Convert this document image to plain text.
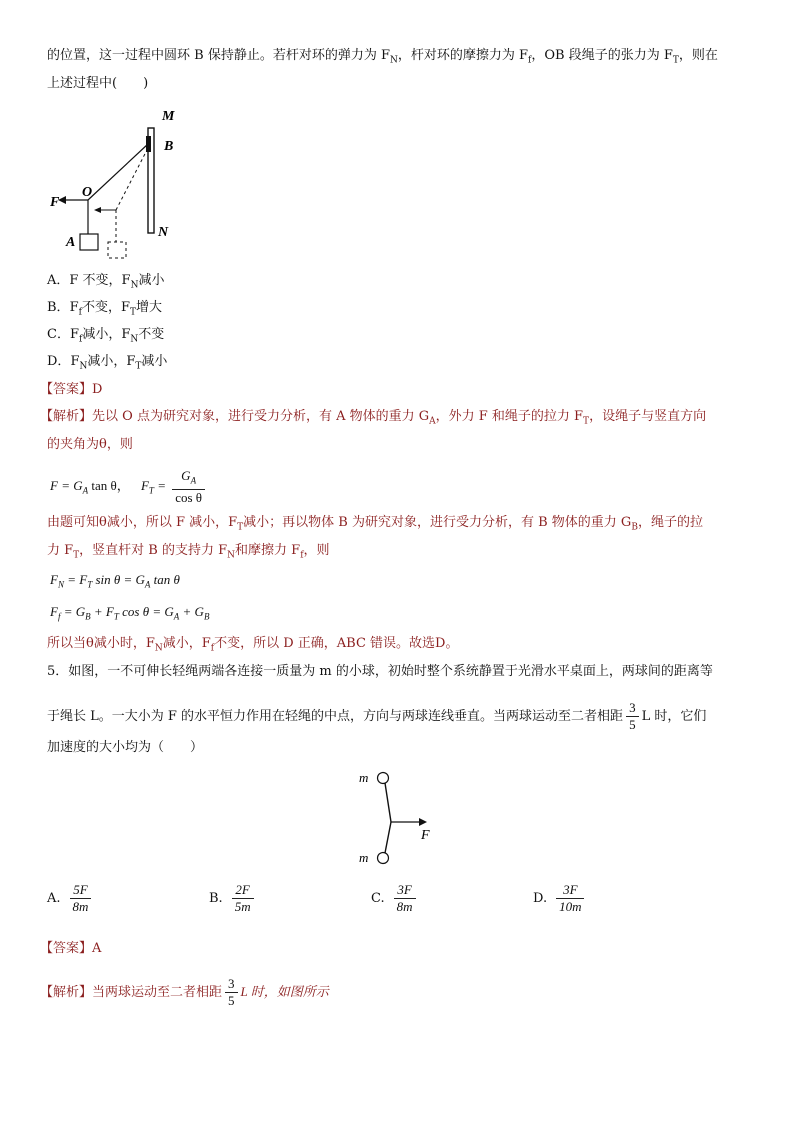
的位置，这一过程中圆环 B 保持静止。若杆对环的弹力为 $F_N$，杆对环的摩擦力为 $F_f$，OB 段绳子的张力为 $F_T$，则在
上述过程中(　　)
M
B
O
F
A
N
A．F 不变，$F_N$减小
B．$F_f$不变，$F_T$增大
C．$F_f$减小，$F_N$不变
D．$F_N$减小，$F_T$减小
【答案】D
【解析】先以 O 点为研究对象，进行受力分析，有 A 物体的重力 $G_A$，外力 F 和绳子的拉力 $F_T$，设绳子与竖直方向
的夹角为θ，则
$F = G_A$ tan θ， $F_T = \frac{G_A}{\text{cos θ}}$
由题可知θ减小，所以 F 减小，$F_T$减小；再以物体 B 为研究对象，进行受力分析，有 B 物体的重力 $G_B$，绳子的拉
力 $F_T$，竖直杆对 B 的支持力 $F_N$和摩擦力 $F_f$，则
$F_N = F_T$ $\sin \theta = G_A$ tan θ
$F_f = G_B + F_T$ $\cos \theta = G_A + G_B$
所以当θ减小时，$F_N$减小，$F_f$不变，所以 D 正确，ABC 错误。故选D。
5．如图，一不可伸长轻绳两端各连接一质量为 m 的小球，初始时整个系统静置于光滑水平桌面上，两球间的距离等
于绳长 L。一大小为 F 的水平恒力作用在轻绳的中点，方向与两球连线垂直。当两球运动至二者相距 $\frac{3}{5}$ L 时，它们
加速度的大小均为（　　）
m
m
F
A. $\frac{5F}{8m}$	B. $\frac{2F}{5m}$	C. $\frac{3F}{8m}$	D. $\frac{3F}{10m}$
【答案】A
【解析】当两球运动至二者相距 $\frac{3}{5}$ L 时，如图所示
